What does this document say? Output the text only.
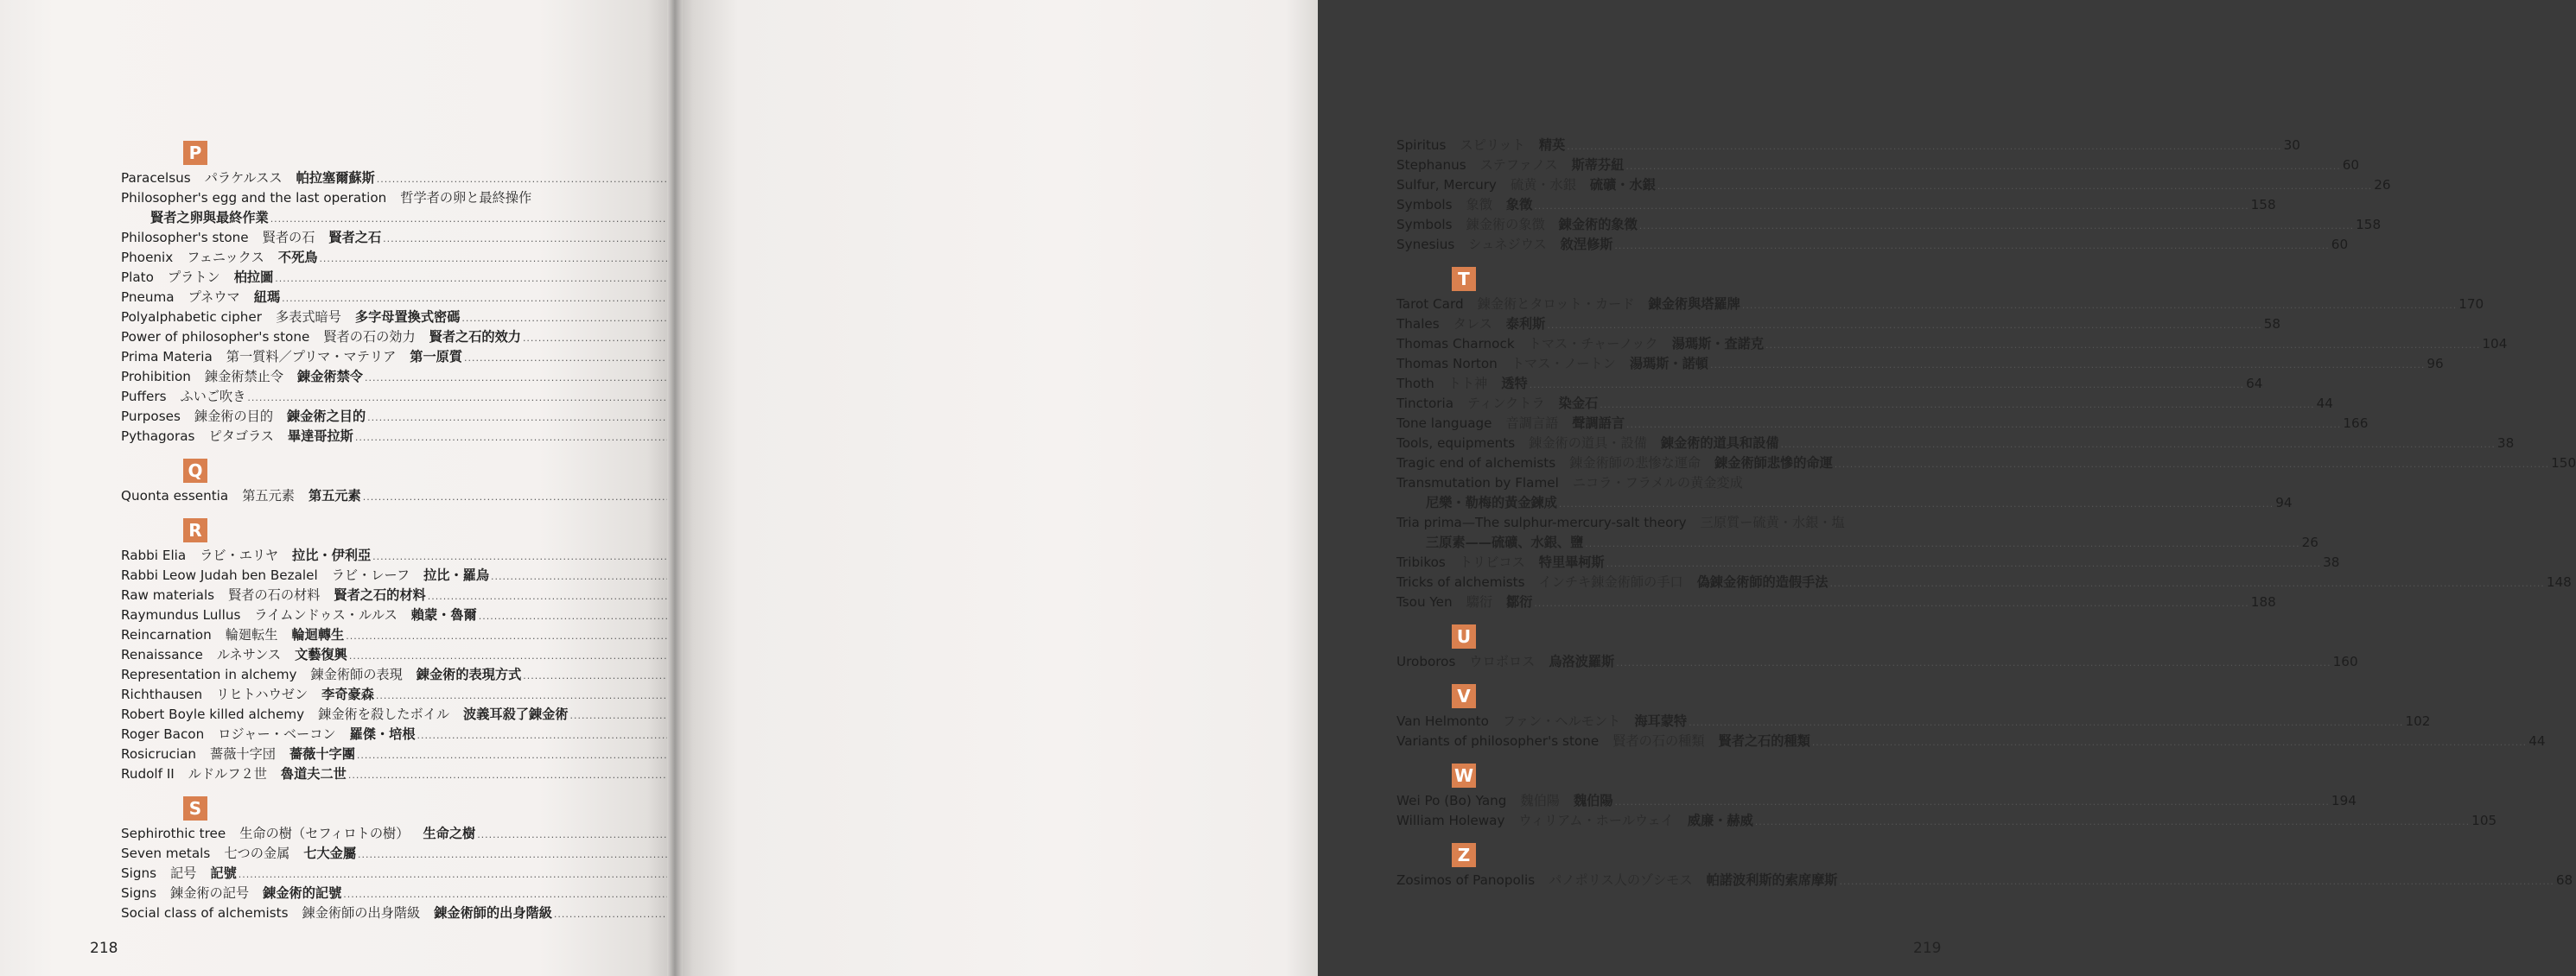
P
Paracelsus パラケルスス 帕拉塞爾蘇斯
.....
Philosopher's egg and the last operation 哲学者の卵と最終操作
賢者之卵與最終作業
.....
Philosopher's stone 賢者の石 賢者之石
.....
Phoenix フェニックス 不死鳥
.....
Plato プラトン 柏拉圖
.....
Pneuma プネウマ 紐瑪
.....
Polyalphabetic cipher 多表式暗号 多字母置換式密碼
.....
Power of philosopher's stone 賢者の石の効力 賢者之石的效力
.....
Prima Materia 第一質料／プリマ・マテリア 第一原質
.....
Prohibition 錬金術禁止令 錬金術禁令
.....
Puffers ふいご吹き
.....
Purposes 錬金術の目的 錬金術之目的
.....
Pythagoras ピタゴラス 畢達哥拉斯
.....
Q
Quonta essentia 第五元素 第五元素
.....
R
Rabbi Elia ラビ・エリヤ 拉比・伊利亞
.....
Rabbi Leow Judah ben Bezalel ラビ・レーフ 拉比・羅烏
.....
Raw materials 賢者の石の材料 賢者之石的材料
.....
Raymundus Lullus ライムンドゥス・ルルス 賴蒙・魯爾
.....
Reincarnation 輪廻転生 輪迴轉生
.....
Renaissance ルネサンス 文藝復興
.....
Representation in alchemy 錬金術師の表現 錬金術的表現方式
.....
Richthausen リヒトハウゼン 李奇豪森
.....
Robert Boyle killed alchemy 錬金術を殺したボイル 波義耳殺了錬金術
.....
Roger Bacon ロジャー・ベーコン 羅傑・培根
.....
Rosicrucian 薔薇十字団 薔薇十字團
.....
Rudolf II ルドルフ２世 魯道夫二世
.....
S
Sephirothic tree 生命の樹（セフィロトの樹） 生命之樹
.....
Seven metals 七つの金属 七大金屬
.....
Signs 記号 記號
.....
Signs 錬金術の記号 錬金術的記號
.....
Social class of alchemists 錬金術師の出身階級 錬金術師的出身階級
.....
218
Spiritus スピリット 精英 .....	30
Stephanus ステファノス 斯蒂芬紐 .....	60
Sulfur, Mercury 硫黄・水銀 硫礦・水銀 .....	26
Symbols 象徴 象徵 .....	158
Symbols 錬金術の象徴 錬金術的象徵 .....	158
Synesius シュネジウス 敘涅修斯 .....	60
T
Tarot Card 錬金術とタロット・カード 錬金術與塔羅牌 .....	170
Thales タレス 泰利斯 .....	58
Thomas Charnock トマス・チャーノック 湯瑪斯・查諾克 .....	104
Thomas Norton トマス・ノートン 湯瑪斯・諾頓 .....	96
Thoth トト神 透特 .....	64
Tinctoria ティンクトラ 染金石 .....	44
Tone language 音調言語 聲調語言 .....	166
Tools, equipments 錬金術の道具・設備 錬金術的道具和設備 .....	38
Tragic end of alchemists 錬金術師の悲惨な運命 錬金術師悲慘的命運 .....	150
Transmutation by Flamel ニコラ・フラメルの黄金変成
尼樂・勒梅的黃金鍊成 .....	94
Tria prima—The sulphur-mercury-salt theory 三原質ー硫黄・水銀・塩
三原素——硫礦、水銀、鹽 .....	26
Tribikos トリビコス 特里畢柯斯 .....	38
Tricks of alchemists インチキ錬金術師の手口 偽錬金術師的造假手法 .....	148
Tsou Yen 騶衍 鄒衍 .....	188
U
Uroboros ウロボロス 烏洛波羅斯 .....	160
V
Van Helmonto ファン・ヘルモント 海耳蒙特 .....	102
Variants of philosopher's stone 賢者の石の種類 賢者之石的種類 .....	44
W
Wei Po (Bo) Yang 魏伯陽 魏伯陽 .....	194
William Holeway ウィリアム・ホールウェイ 威廉・赫威 .....	105
Z
Zosimos of Panopolis パノポリス人のゾシモス 帕諾波利斯的索席摩斯 .....	68
219
